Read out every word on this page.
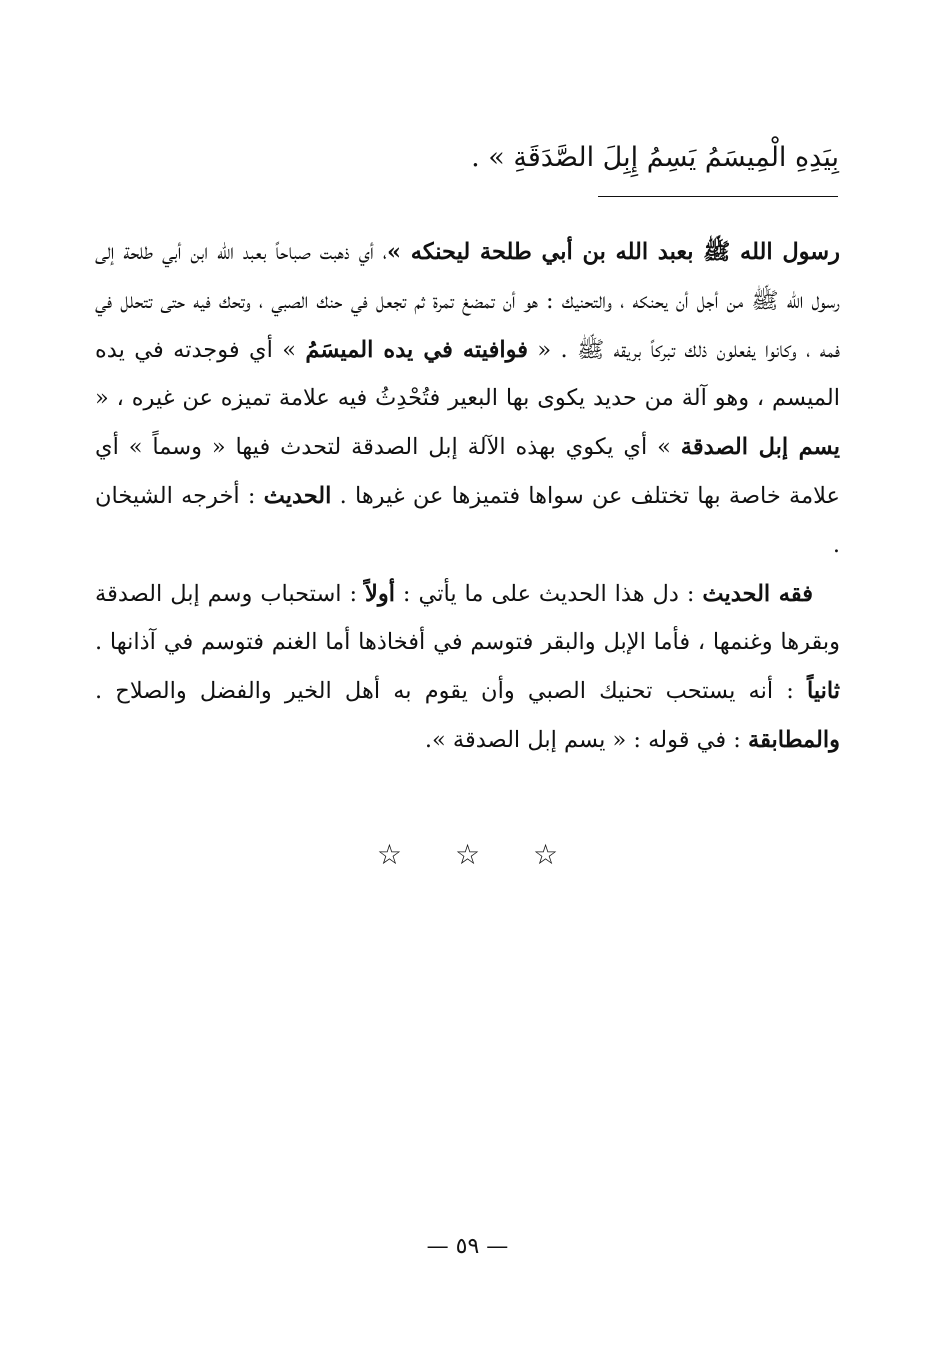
بِيَدِهِ الْمِيسَمُ يَسِمُ إِبِلَ الصَّدَقَةِ » .

رسول الله ﷺ بعبد الله بن أبي طلحة ليحنكه »، أي ذهبت صباحاً بعبد الله ابن أبي طلحة إلى رسول الله ﷺ من أجل أن يحنكه ، والتحنيك : هو أن تمضغ تمرة ثم تجعل في حنك الصبي ، وتحك فيه حتى تتحلل في فمه ، وكانوا يفعلون ذلك تبركاً بريقه ﷺ . « فوافيته في يده الميسَمُ » أي فوجدته في يده الميسم ، وهو آلة من حديد يكوى بها البعير فتُحْدِثُ فيه علامة تميزه عن غيره ، « يسم إبل الصدقة » أي يكوي بهذه الآلة إبل الصدقة لتحدث فيها « وسماً » أي علامة خاصة بها تختلف عن سواها فتميزها عن غيرها . الحديث : أخرجه الشيخان .

فقه الحديث : دل هذا الحديث على ما يأتي : أولاً : استحباب وسم إبل الصدقة وبقرها وغنمها ، فأما الإبل والبقر فتوسم في أفخاذها أما الغنم فتوسم في آذانها . ثانياً : أنه يستحب تحنيك الصبي وأن يقوم به أهل الخير والفضل والصلاح . والمطابقة : في قوله : « يسم إبل الصدقة ».

☆ ☆ ☆
— ٥٩ —
